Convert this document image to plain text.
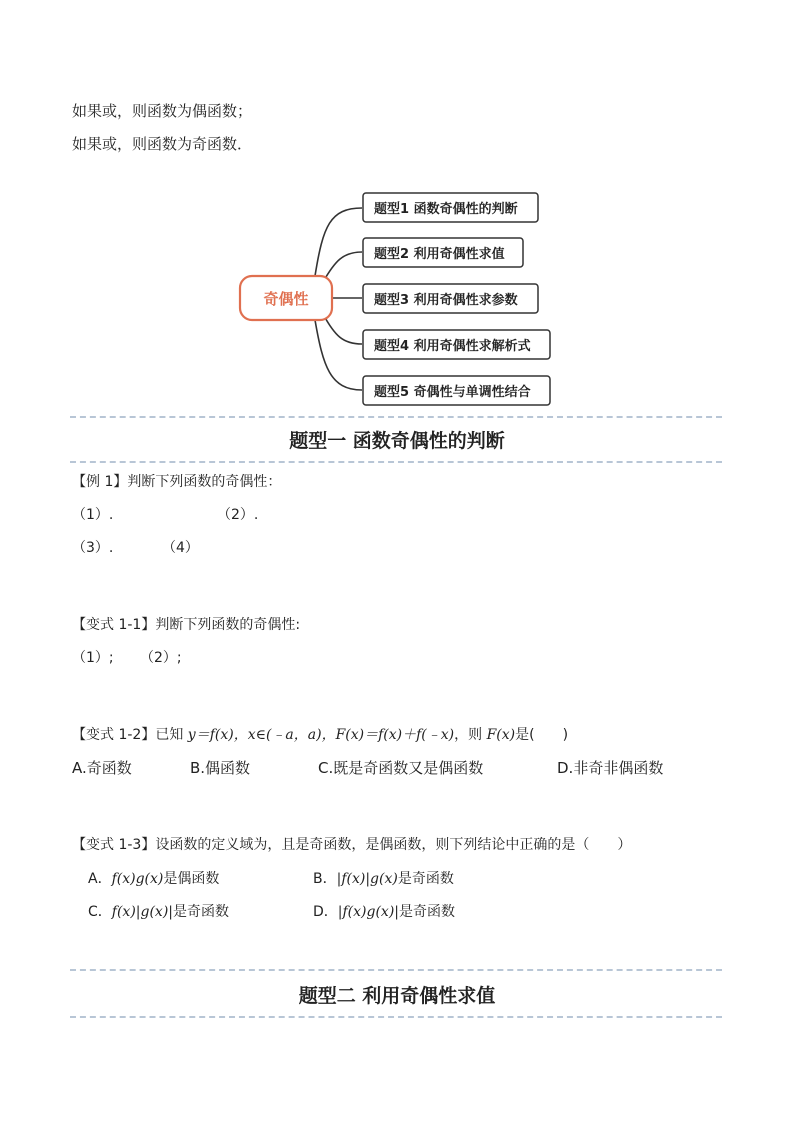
如果或，则函数为偶函数；
如果或，则函数为奇函数．
奇偶性
题型1 函数奇偶性的判断
题型2 利用奇偶性求值
题型3 利用奇偶性求参数
题型4 利用奇偶性求解析式
题型5 奇偶性与单调性结合
题型一 函数奇偶性的判断
【例 1】判断下列函数的奇偶性：
（1）.	（2）.
（3）.	（4）
【变式 1-1】判断下列函数的奇偶性:
（1）; （2）;
【变式 1-2】已知 y＝f(x)，x∈(﹣a，a)，F(x)＝f(x)＋f(﹣x)，则 F(x)是(　　)
A.奇函数	B.偶函数	C.既是奇函数又是偶函数	D.非奇非偶函数
【变式 1-3】设函数的定义域为，且是奇函数，是偶函数，则下列结论中正确的是（　　）
A．f(x)g(x)是偶函数	B．|f(x)|g(x)是奇函数
C．f(x)|g(x)|是奇函数	D．|f(x)g(x)|是奇函数
题型二 利用奇偶性求值
